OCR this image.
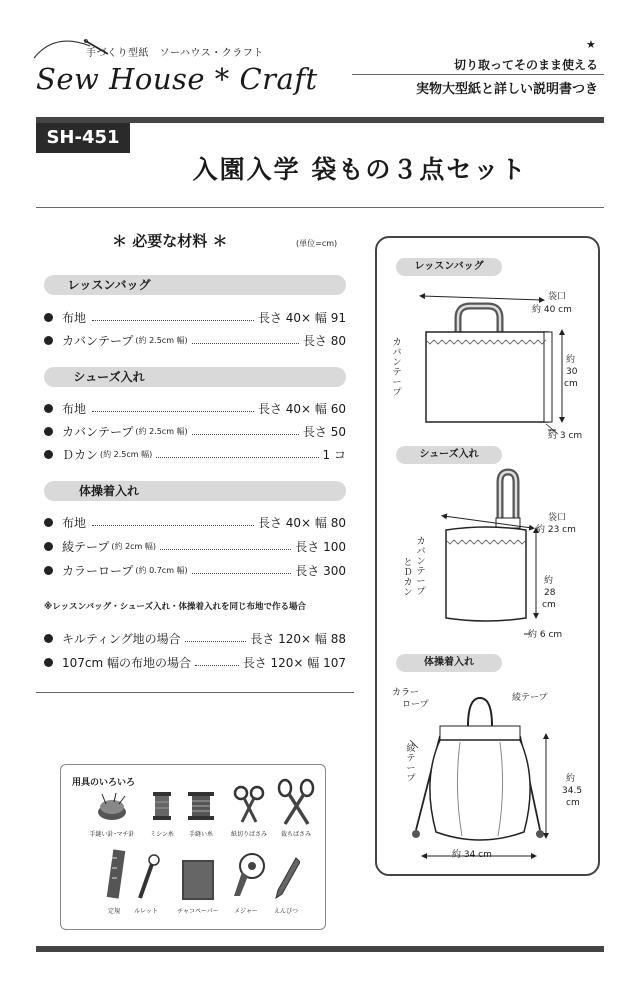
手づくり型紙　ソーハウス・クラフト
Sew House * Craft
★
切り取ってそのまま使える
実物大型紙と詳しい説明書つき
SH-451
入園入学 袋もの３点セット
＊ 必要な材料 ＊	(単位=cm)
レッスンバッグ
布地	長さ 40× 幅 91
カバンテープ (約 2.5cm 幅)	長さ 80
シューズ入れ
布地	長さ 40× 幅 60
カバンテープ (約 2.5cm 幅)	長さ 50
Ｄカン (約 2.5cm 幅)	1 コ
体操着入れ
布地	長さ 40× 幅 80
綾テープ (約 2cm 幅)	長さ 100
カラーロープ (約 0.7cm 幅)	長さ 300
※レッスンバッグ・シューズ入れ・体操着入れを同じ布地で作る場合
キルティング地の場合	長さ 120× 幅 88
107cm 幅の布地の場合	長さ 120× 幅 107
用具のいろいろ
手縫い針･マチ針	ミシン糸	手縫い糸	紙切りばさみ	裁ちばさみ
定規	ルレット	チャコペーパー	メジャー	えんぴつ
レッスンバッグ
袋口
約 40 cm
カバンテープ
約
30
cm
約 3 cm
シューズ入れ
袋口
約 23 cm
カバンテープ
とＤカン
約
28
cm
約 6 cm
体操着入れ
カラー
ロープ
綾テープ
綾テープ	約
34.5
cm
約 34 cm
